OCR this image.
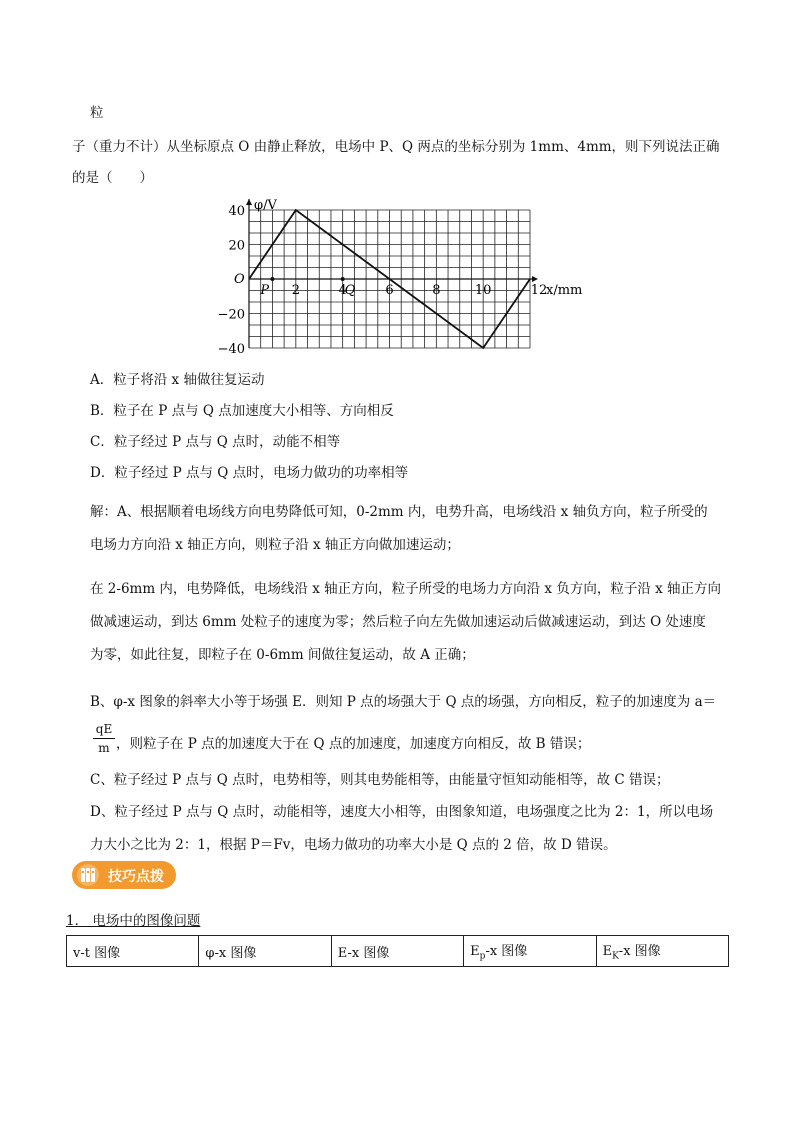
粒
子（重力不计）从坐标原点 O 由静止释放，电场中 P、Q 两点的坐标分别为 1mm、4mm，则下列说法正确
的是（　　）
P	Q
40
20
−20
−40
2	4	6	8	10	12
O
φ/V
x/mm
A．粒子将沿 x 轴做往复运动
B．粒子在 P 点与 Q 点加速度大小相等、方向相反
C．粒子经过 P 点与 Q 点时，动能不相等
D．粒子经过 P 点与 Q 点时，电场力做功的功率相等
解：A、根据顺着电场线方向电势降低可知，0-2mm 内，电势升高，电场线沿 x 轴负方向，粒子所受的
电场力方向沿 x 轴正方向，则粒子沿 x 轴正方向做加速运动；
在 2-6mm 内，电势降低，电场线沿 x 轴正方向，粒子所受的电场力方向沿 x 负方向，粒子沿 x 轴正方向
做减速运动，到达 6mm 处粒子的速度为零；然后粒子向左先做加速运动后做减速运动，到达 O 处速度
为零，如此往复，即粒子在 0-6mm 间做往复运动，故 A 正确；
B、φ-x 图象的斜率大小等于场强 E．则知 P 点的场强大于 Q 点的场强，方向相反，粒子的加速度为 a＝
$\frac{qE}{m}$ ，则粒子在 P 点的加速度大于在 Q 点的加速度，加速度方向相反，故 B 错误；
C、粒子经过 P 点与 Q 点时，电势相等，则其电势能相等，由能量守恒知动能相等，故 C 错误；
D、粒子经过 P 点与 Q 点时，动能相等，速度大小相等，由图象知道，电场强度之比为 2：1，所以电场
力大小之比为 2：1，根据 P＝Fv，电场力做功的功率大小是 Q 点的 2 倍，故 D 错误。
技巧点拨
1． 电场中的图像问题
v-t 图像	φ-x 图像	E-x 图像	$E_p-x$ 图像	$E_K-x$ 图像
